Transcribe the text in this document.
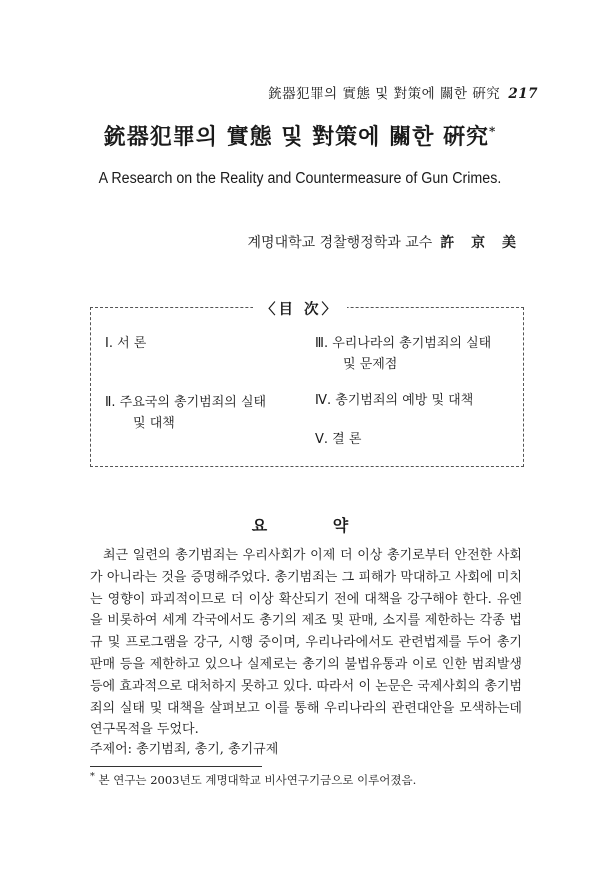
銃器犯罪의 實態 및 對策에 關한 硏究 217
銃器犯罪의 實態 및 對策에 關한 硏究*
A Research on the Reality and Countermeasure of Gun Crimes.
계명대학교 경찰행정학과 교수 許 京 美
〈目 次〉
Ⅰ. 서 론
Ⅱ. 주요국의 총기범죄의 실태
및 대책
Ⅲ. 우리나라의 총기범죄의 실태
및 문제점
Ⅳ. 총기범죄의 예방 및 대책
Ⅴ. 결 론
요 약

최근 일련의 총기범죄는 우리사회가 이제 더 이상 총기로부터 안전한 사회가 아니라는 것을 증명해주었다. 총기범죄는 그 피해가 막대하고 사회에 미치는 영향이 파괴적이므로 더 이상 확산되기 전에 대책을 강구해야 한다. 유엔을 비롯하여 세계 각국에서도 총기의 제조 및 판매, 소지를 제한하는 각종 법규 및 프로그램을 강구, 시행 중이며, 우리나라에서도 관련법제를 두어 총기판매 등을 제한하고 있으나 실제로는 총기의 불법유통과 이로 인한 범죄발생등에 효과적으로 대처하지 못하고 있다. 따라서 이 논문은 국제사회의 총기범죄의 실태 및 대책을 살펴보고 이를 통해 우리나라의 관련대안을 모색하는데 연구목적을 두었다.

주제어: 총기범죄, 총기, 총기규제
* 본 연구는 2003년도 계명대학교 비사연구기금으로 이루어졌음.
